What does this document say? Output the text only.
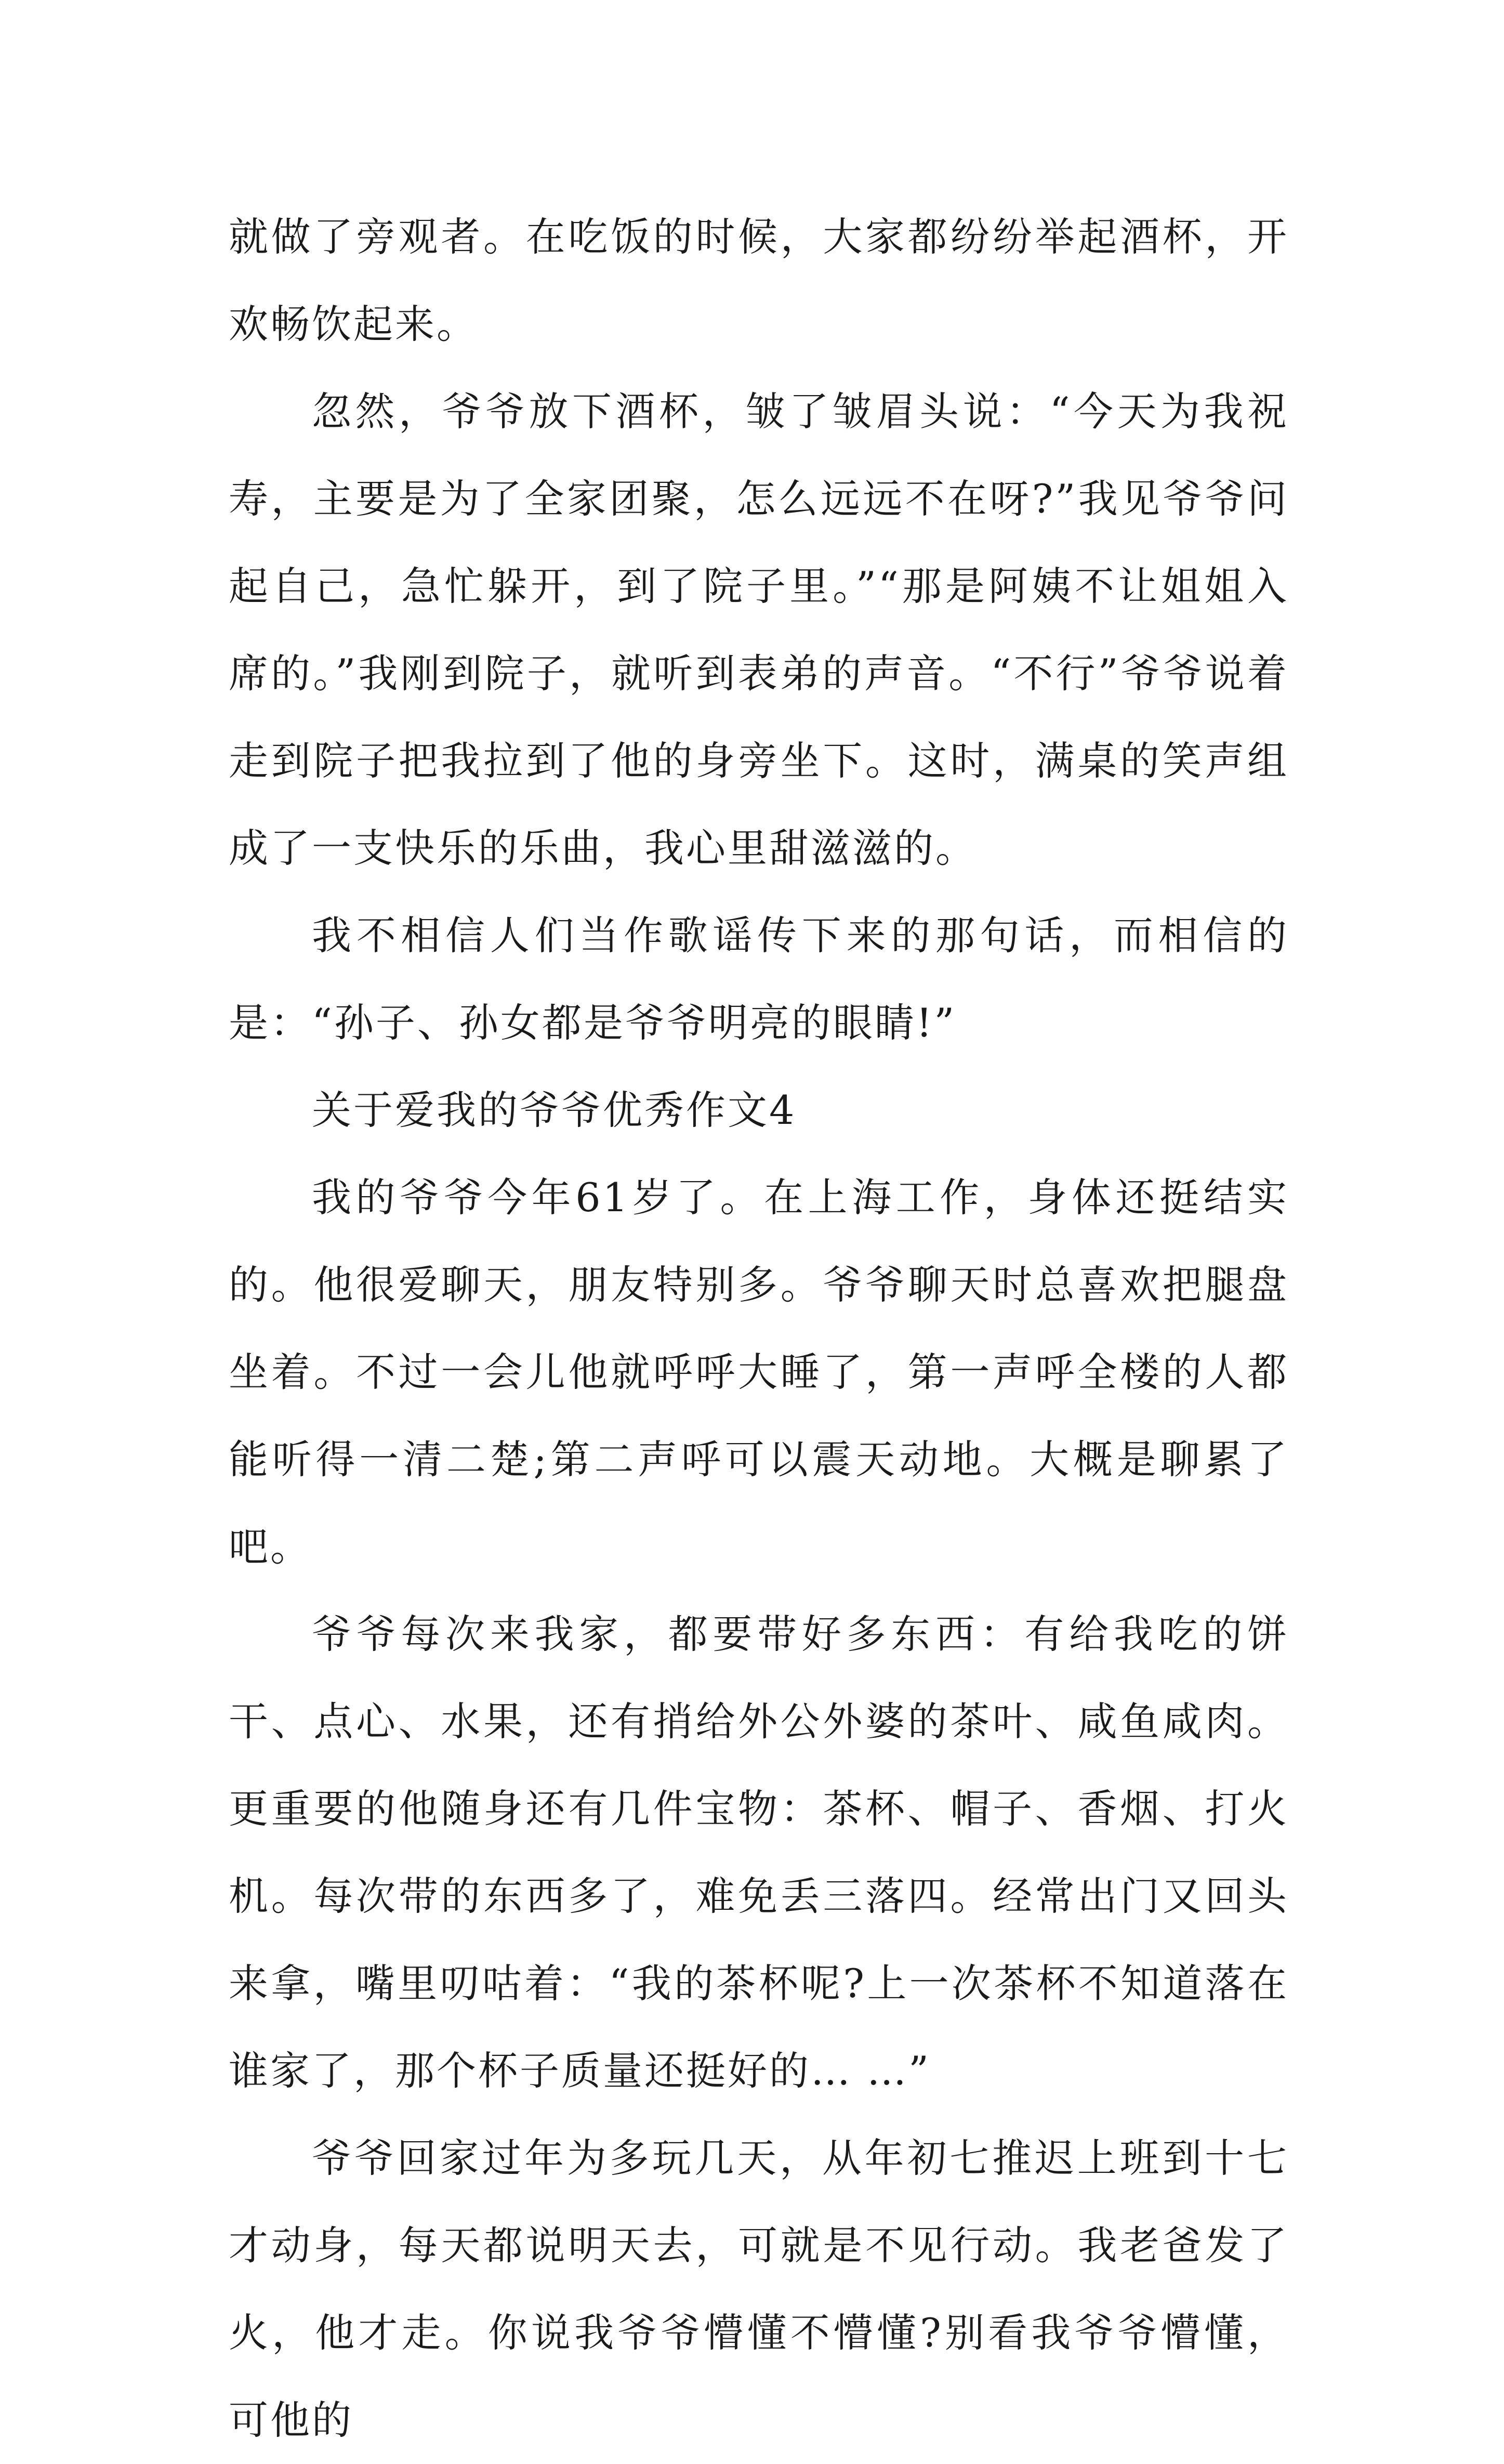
就做了旁观者。在吃饭的时候，大家都纷纷举起酒杯，开欢畅饮起来。

忽然，爷爷放下酒杯，皱了皱眉头说：“今天为我祝寿，主要是为了全家团聚，怎么远远不在呀?”我见爷爷问起自己，急忙躲开，到了院子里。”“那是阿姨不让姐姐入席的。”我刚到院子，就听到表弟的声音。“不行”爷爷说着走到院子把我拉到了他的身旁坐下。这时，满桌的笑声组成了一支快乐的乐曲，我心里甜滋滋的。

我不相信人们当作歌谣传下来的那句话，而相信的是：“孙子、孙女都是爷爷明亮的眼睛!”

关于爱我的爷爷优秀作文4

我的爷爷今年61岁了。在上海工作，身体还挺结实的。他很爱聊天，朋友特别多。爷爷聊天时总喜欢把腿盘坐着。不过一会儿他就呼呼大睡了，第一声呼全楼的人都能听得一清二楚;第二声呼可以震天动地。大概是聊累了吧。

爷爷每次来我家，都要带好多东西：有给我吃的饼干、点心、水果，还有捎给外公外婆的茶叶、咸鱼咸肉。更重要的他随身还有几件宝物：茶杯、帽子、香烟、打火机。每次带的东西多了，难免丢三落四。经常出门又回头来拿，嘴里叨咕着：“我的茶杯呢?上一次茶杯不知道落在谁家了，那个杯子质量还挺好的… …”

爷爷回家过年为多玩几天，从年初七推迟上班到十七才动身，每天都说明天去，可就是不见行动。我老爸发了火，他才走。你说我爷爷懵懂不懵懂?别看我爷爷懵懂，可他的
